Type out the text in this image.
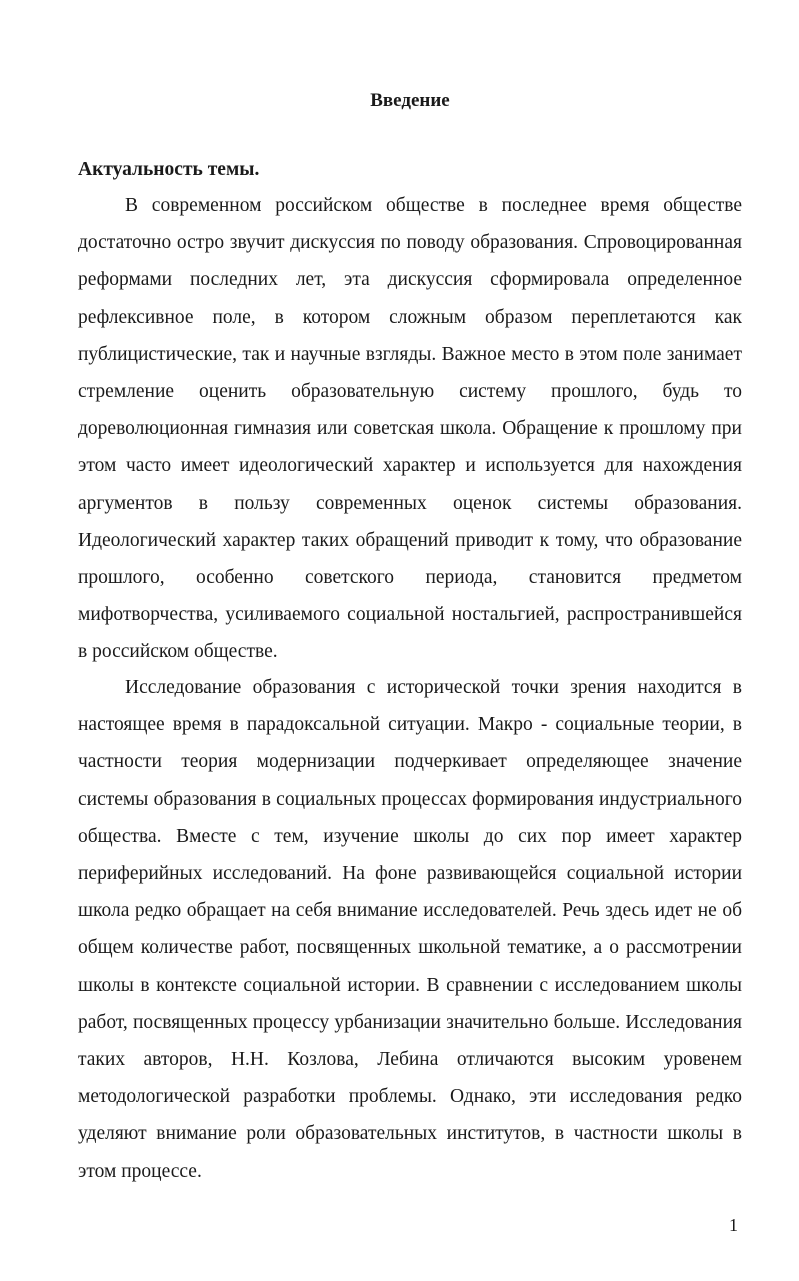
Введение
Актуальность темы.

В современном российском обществе в последнее время обществе достаточно остро звучит дискуссия по поводу образования. Спровоцированная реформами последних лет, эта дискуссия сформировала определенное рефлексивное поле, в котором сложным образом переплетаются как публицистические, так и научные взгляды. Важное место в этом поле занимает стремление оценить образовательную систему прошлого, будь то дореволюционная гимназия или советская школа. Обращение к прошлому при этом часто имеет идеологический характер и используется для нахождения аргументов в пользу современных оценок системы образования. Идеологический характер таких обращений приводит к тому, что образование прошлого, особенно советского периода, становится предметом мифотворчества, усиливаемого социальной ностальгией, распространившейся в российском обществе.

Исследование образования с исторической точки зрения находится в настоящее время в парадоксальной ситуации. Макро - социальные теории, в частности теория модернизации подчеркивает определяющее значение системы образования в социальных процессах формирования индустриального общества. Вместе с тем, изучение школы до сих пор имеет характер периферийных исследований. На фоне развивающейся социальной истории школа редко обращает на себя внимание исследователей. Речь здесь идет не об общем количестве работ, посвященных школьной тематике, а о рассмотрении школы в контексте социальной истории. В сравнении с исследованием школы работ, посвященных процессу урбанизации значительно больше. Исследования таких авторов, Н.Н. Козлова, Лебина отличаются высоким уровенем методологической разработки проблемы. Однако, эти исследования редко уделяют внимание роли образовательных институтов, в частности школы в этом процессе.

1
